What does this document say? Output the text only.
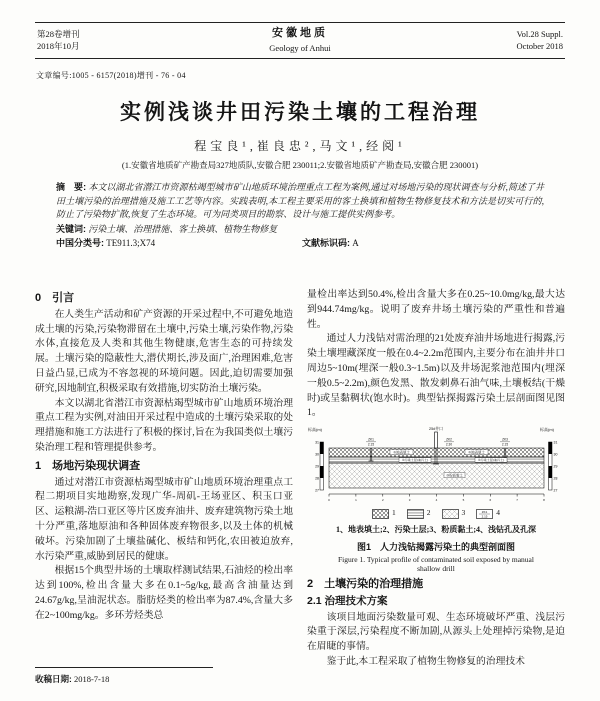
第28卷增刊
2018年10月
安徽地质
Geology of Anhui
Vol.28 Suppl.
October 2018
文章编号:1005 - 6157(2018)增刊 - 76 - 04
实例浅谈井田污染土壤的工程治理
程宝良¹,崔良忠²,马文¹,经阅¹
(1.安徽省地质矿产勘查局327地质队,安徽合肥 230011;2.安徽省地质矿产勘查局,安徽合肥 230001)
摘　要: 本文以湖北省潜江市资源枯竭型城市矿山地质环境治理重点工程为案例,通过对场地污染的现状调查与分析,简述了井田土壤污染的治理措施及施工工艺等内容。实践表明,本工程主要采用的客土换填和植物生物修复技术和方法是切实可行的,防止了污染物扩散,恢复了生态环境。可为同类项目的勘察、设计与施工提供实例参考。
关键词: 污染土壤、治理措施、客土换填、植物生物修复
中国分类号: TE911.3;X74	文献标识码: A
0　引言

在人类生产活动和矿产资源的开采过程中,不可避免地造成土壤的污染,污染物滞留在土壤中,污染土壤,污染作物,污染水体,直接危及人类和其他生物健康,危害生态的可持续发展。土壤污染的隐蔽性大,潜伏期长,涉及面广,治理困难,危害日益凸显,已成为不容忽视的环境问题。因此,迫切需要加强研究,因地制宜,积极采取有效措施,切实防治土壤污染。

本文以湖北省潜江市资源枯竭型城市矿山地质环境治理重点工程为实例,对油田开采过程中造成的土壤污染采取的处理措施和施工方法进行了积极的探讨,旨在为我国类似土壤污染治理工程和管理提供参考。

1　场地污染现状调查

通过对潜江市资源枯竭型城市矿山地质环境治理重点工程二期项目实地勘察,发现广华-周矶-王场亚区、积玉口亚区、运粮湖-浩口亚区等片区废弃油井、废弃建筑物污染土地十分严重,落地原油和各种固体废弃物很多,以及土体的机械破坏。污染加剧了土壤盐碱化、板结和钙化,农田被迫放弃,水污染严重,威胁到居民的健康。

根据15个典型井场的土壤取样测试结果,石油烃的检出率达到100%,检出含量大多在0.1~5g/kg,最高含油量达到24.67g/kg,呈油泥状态。脂肪烃类的检出率为87.4%,含量大多在2~100mg/kg。多环芳烃类总

收稿日期: 2018-7-18

量检出率达到50.4%,检出含量大多在0.25~10.0mg/kg,最大达到944.74mg/kg。说明了废弃井场土壤污染的严重性和普遍性。

通过人力浅钻对需治理的21处废弃油井场地进行揭露,污染土壤埋藏深度一般在0.4~2.2m范围内,主要分布在油井井口周边5~10m(埋深一般0.3~1.5m)以及井场泥浆池范围内(埋深一般0.5~2.2m),颜色发黑、散发刺鼻石油气味,土壤板结(干燥时)或呈黏稠状(饱水时)。典型钻探揭露污染土层剖面图见图1。

标高(m)
31
30
29
28
27
标高(m)
31
30
29
28
27
ZK1
2.15
25#井口
ZK2
2.30
ZK3
2.15
①地表填土	①地表填土
②污染土层(油污土)	②污染土层(油污土)
③粉质黏土
0	1	2	3	4	5	6	7	8
1	2	3	ZK1
2.15 4
1、地表填土;2、污染土层;3、粉质黏土;4、浅钻孔及孔深
图1　人力浅钻揭露污染土的典型剖面图
Figure 1. Typical profile of contaminated soil exposed by manual
shallow drill
2　土壤污染的治理措施
2.1 治理技术方案

该项目地面污染数量可观、生态环境破坏严重、浅层污染重于深层,污染程度不断加剧,从源头上处理掉污染物,是迫在眉睫的事情。

鉴于此,本工程采取了植物生物修复的治理技术
